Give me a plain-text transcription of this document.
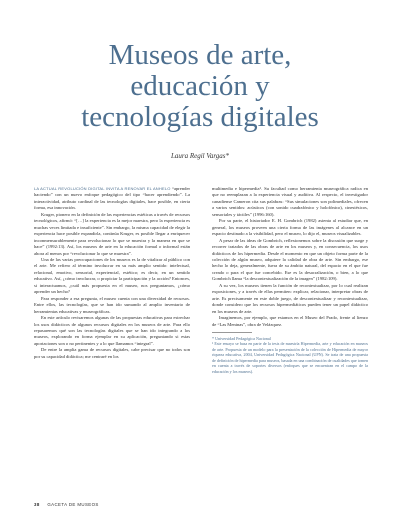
Museos de arte,
educación y
tecnologías digitales
Laura Regil Vargas*

LA ACTUAL REVOLUCIÓN DIGITAL INVITA A RENOVAR EL ANHELO “aprender haciendo” con un nuevo enfoque pedagógico del tipo “hacer aprendiendo”. La interactividad, atributo cardinal de las tecnologías digitales, hace posible, en cierta forma, esa innovación.

Kruger, pionero en la definición de las experiencias estéticas a través de recursos tecnológicos, afirmó: “[…] la experiencia es la mejor maestra, pero la experiencia es muchas veces limitada e insuficiente”. Sin embargo, la misma capacidad de elegir la experiencia hace posible expandirla, continúa Kruger, es posible llegar a enriquecer inconmensurablemente para revolucionar lo que se muestra y la manera en que se hace” (1992:13). Así, los museos de arte en la educación formal o informal están ahora al menos por “revolucionar lo que se muestra”.

Una de las varias preocupaciones de los museos es la de vitalizar al público con el arte. Me refiero al término involucrar en su más amplio sentido: intelectual, relacional, emotivo, sensorial, experiencial, estético; es decir, en un sentido educativo. Así, ¿cómo involucrar, o propiciar la participación y la acción? Entonces, si interactuamos, ¿cuál más propuesta en el museo, nos preguntamos, ¿cómo aprender un hecho?

Para responder a esa pregunta, el museo cuenta con una diversidad de recursos. Entre ellos, las tecnologías, que se han ido sumando al amplio inventario de herramientas educativas y museográficas.

En este artículo revisaremos algunas de las propuestas educativas para estrechar los usos didácticos de algunos recursos digitales en los museos de arte. Para ello repasaremos qué son las tecnologías digitales que se han ido integrando a los museos, explorando en forma ejemplar en su aplicación, preguntando si estas aportaciones son o no pertinentes y a lo que llamamos “integral”.

De entre la amplia gama de recursos digitales, cabe precisar que no todos son por su capacidad didáctica; me centraré en los

multimedia e hipermedia¹. Su facultad como herramienta museográfica radica en que no reemplazan a la experiencia visual y auditiva. Al respecto, el investigador canadiense Cameron cita sus palabras: “Sus simulaciones son polimediales, ofrecen a varios sentidos: acústicos (con sonido cuadrafónico y holofónico), cinestésicos, sensoriales y táctiles” (1996:160).

Por su parte, el historiador E. H. Gombrich (1982) asienta al estudiar que, en general, los museos proveen una cierta forma de las imágenes al alcance en un espacio destinado a la visibilidad, pero el museo, lo dijo el, museos visualizables.

A pesar de las ideas de Gombrich, reflexionemos sobre la discusión que surge y recorrer tratados de las obras de arte en los museos y, en consecuencia, los usos didácticos de los hipermedia. Desde el momento en que un objeto forma parte de la colección de algún museo, adquiere la calidad de obra de arte. Sin embargo, ese hecho lo deja, generalmente, fuera de su ámbito natural, del espacio en el que fue creado o para el que fue concebido. Ese es la desacralización, o bien, a lo que Gombrich llama “la descontextualización de la imagen” (1982:109).

A su vez, los museos tienen la función de recontextualizar, por lo cual realizan exposiciones, y a través de ellas permiten: explicar, relacionar, interpretar obras de arte. Es precisamente en este doble juego, de descontextualizar y recontextualizar, donde considero que los recursos hipermediáticos pueden tener un papel didáctico en los museos de arte.

Imaginemos, por ejemplo, que estamos en el Museo del Prado, frente al lienzo de “Las Meninas”, obra de Velázquez.

* Universidad Pedagógica Nacional

¹ Este ensayo se basa en parte de la tesis de maestría Hipermedia, arte y educación en museos de arte. Propuesta de un modelo para la presentación de la colección de Hipermedia de mayor riqueza educativa, 2004, Universidad Pedagógica Nacional (UPN). Se trata de una propuesta de definición de hipermedia para museos, basada en una combinación de cualidades que tomen en cuenta a través de soportes diversos (enfoques que se encuentran en el campo de la educación y los museos).

38 GACETA DE MUSEOS
